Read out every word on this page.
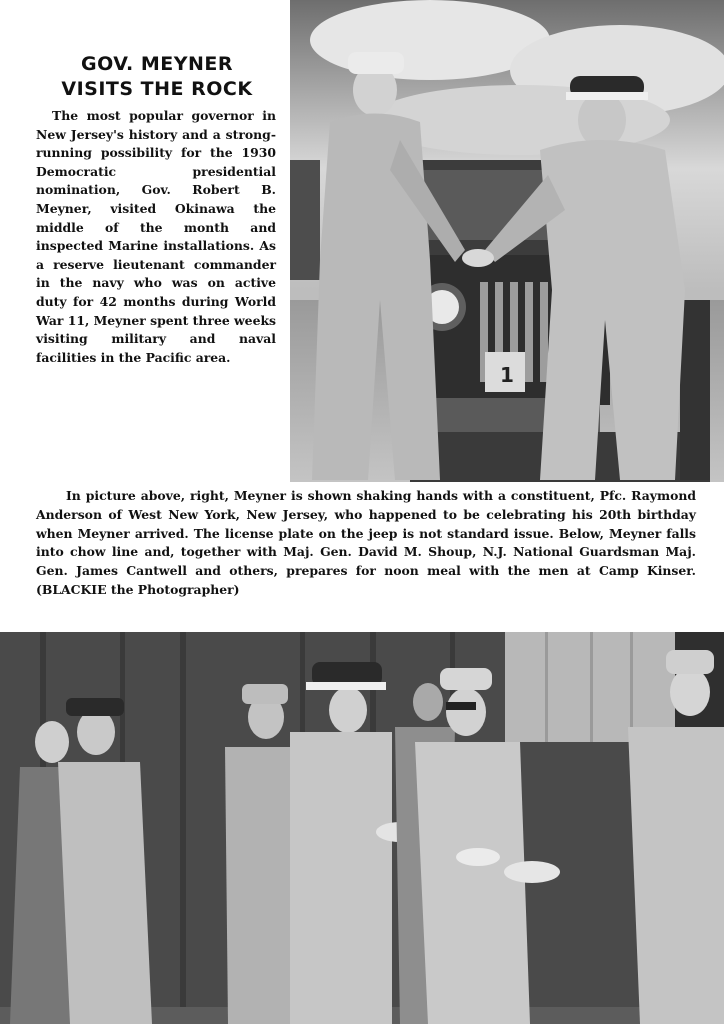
GOV. MEYNER
VISITS THE ROCK

The most popular governor in New Jersey's history and a strong-running possibility for the 1930 Democratic presidential nomination, Gov. Robert B. Meyner, visited Okinawa the middle of the month and inspected Marine installations. As a reserve lieutenant commander in the navy who was on active duty for 42 months during World War 11, Meyner spent three weeks visiting military and naval facilities in the Pacific area.

1

In picture above, right, Meyner is shown shaking hands with a constituent, Pfc. Raymond Anderson of West New York, New Jersey, who happened to be celebrating his 20th birthday when Meyner arrived. The license plate on the jeep is not standard issue. Below, Meyner falls into chow line and, together with Maj. Gen. David M. Shoup, N.J. National Guardsman Maj. Gen. James Cantwell and others, prepares for noon meal with the men at Camp Kinser. (BLACKIE the Photographer)
